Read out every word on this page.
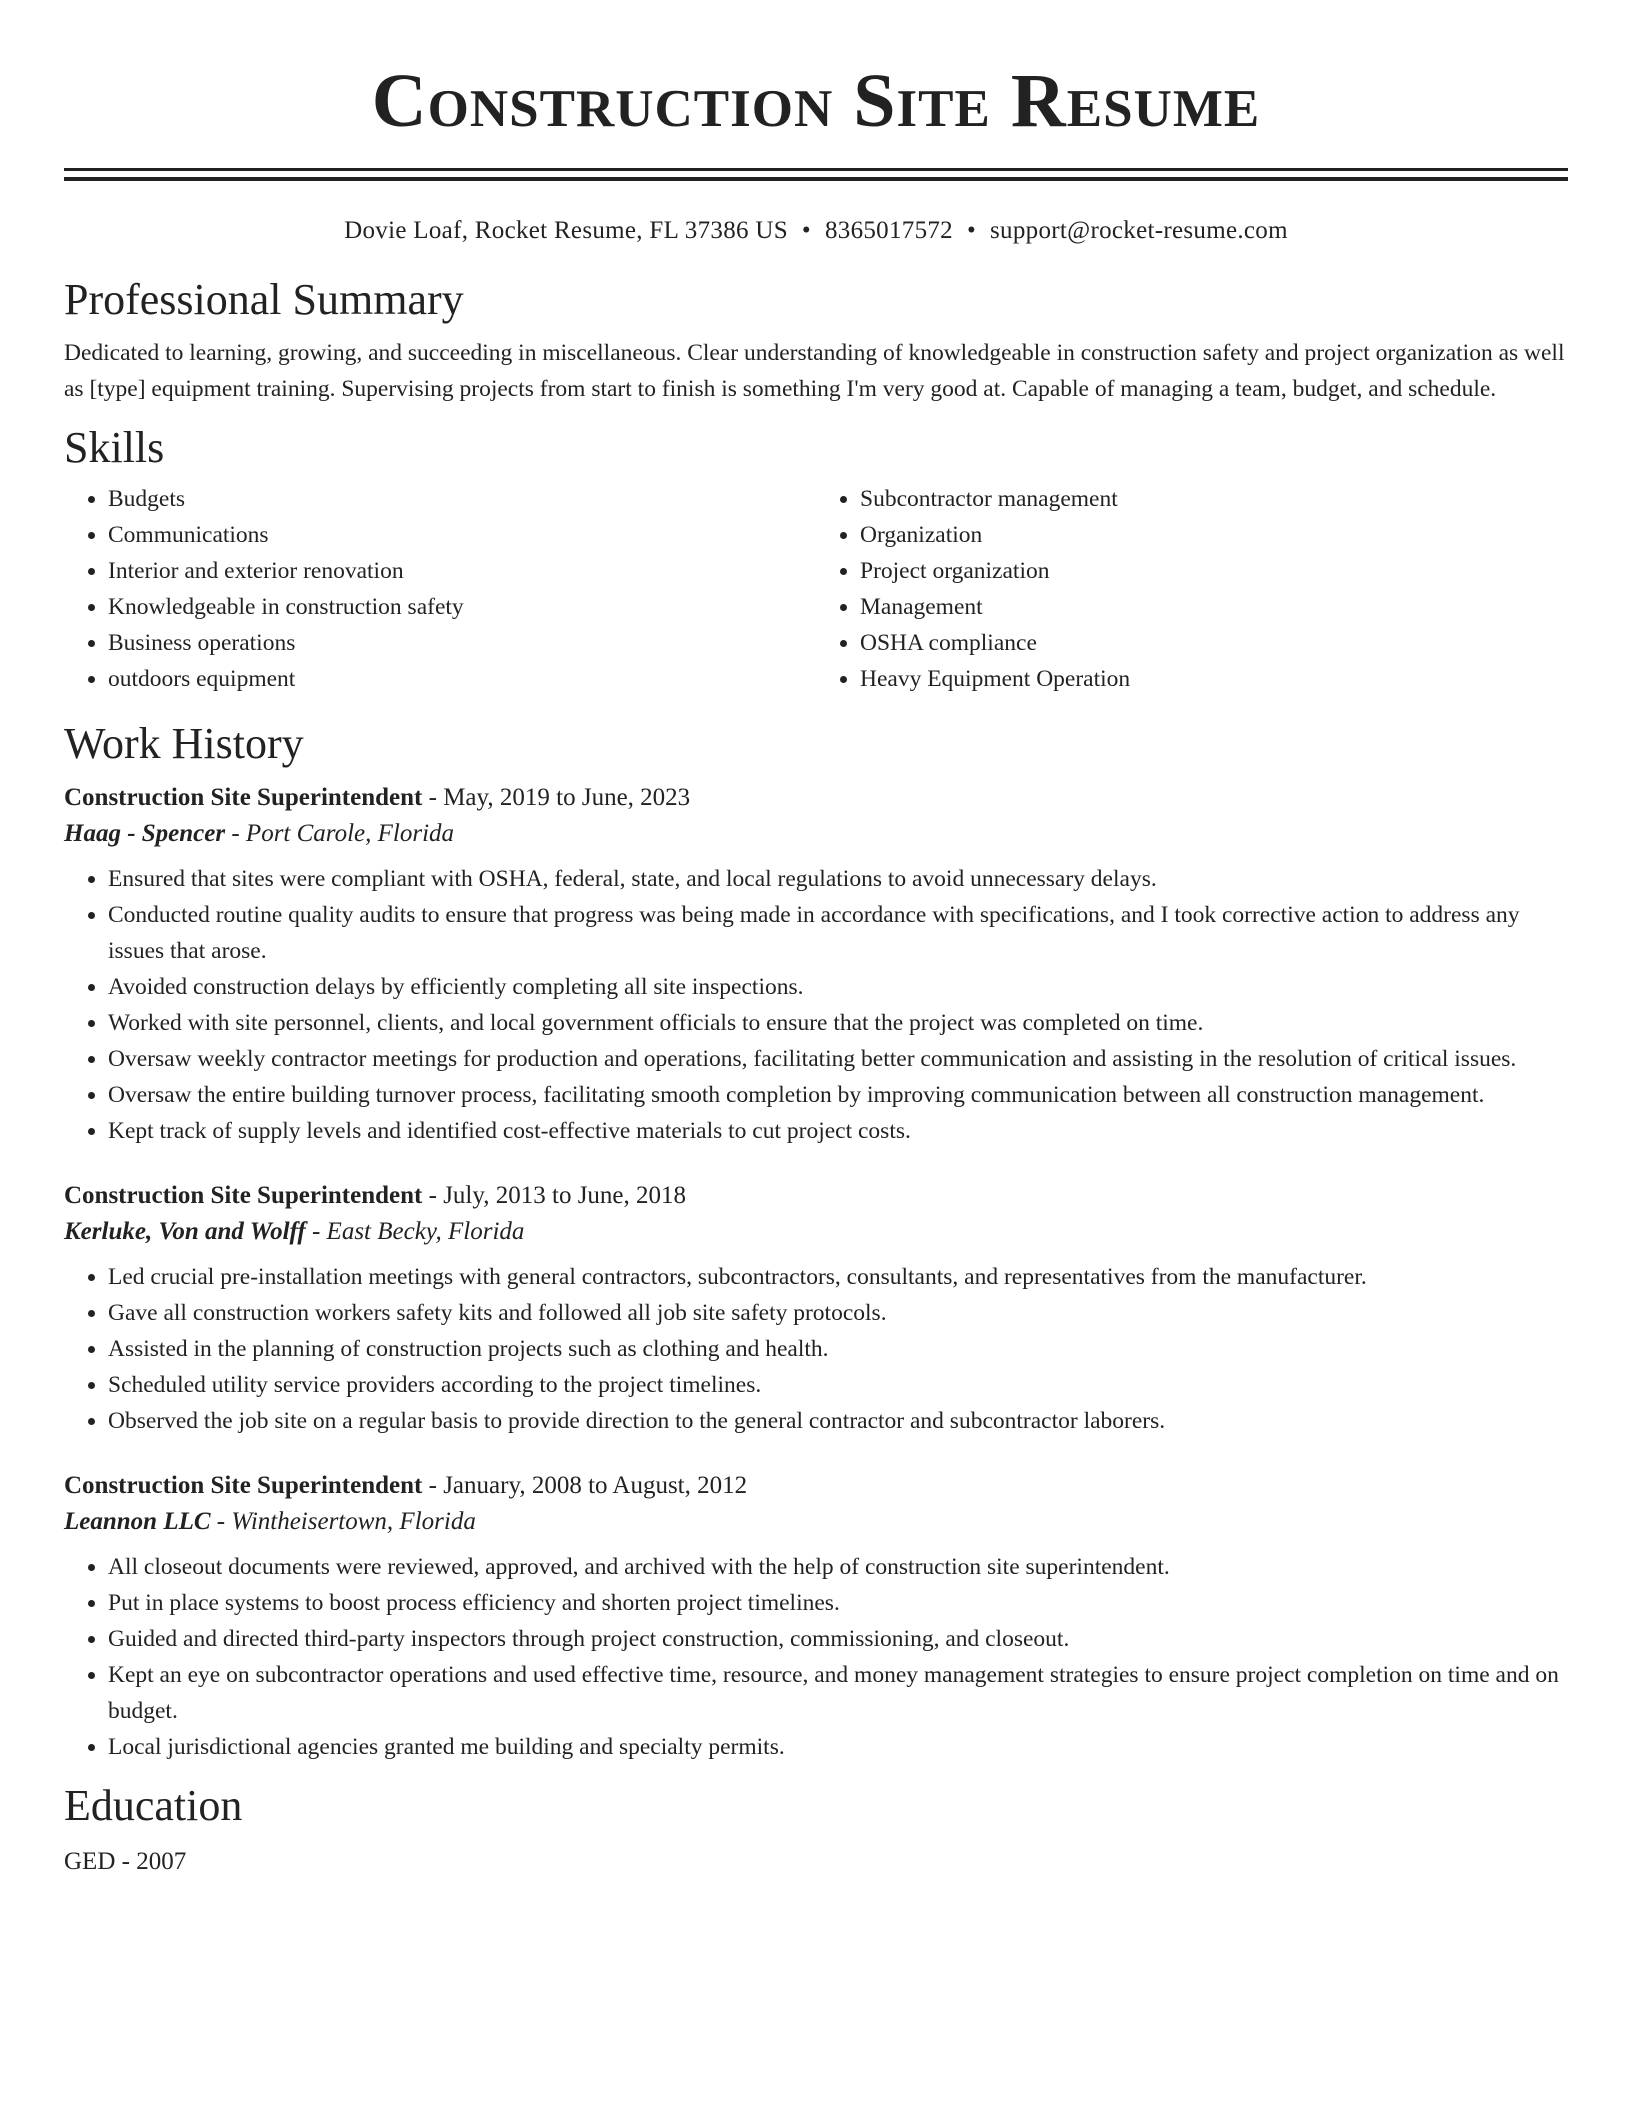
Construction Site Resume
Dovie Loaf, Rocket Resume, FL 37386 US • 8365017572 • support@rocket-resume.com
Professional Summary

Dedicated to learning, growing, and succeeding in miscellaneous. Clear understanding of knowledgeable in construction safety and project organization as well as [type] equipment training. Supervising projects from start to finish is something I'm very good at. Capable of managing a team, budget, and schedule.

Skills
• Budgets
• Communications
• Interior and exterior renovation
• Knowledgeable in construction safety
• Business operations
• outdoors equipment
• Subcontractor management
• Organization
• Project organization
• Management
• OSHA compliance
• Heavy Equipment Operation
Work History

Construction Site Superintendent - May, 2019 to June, 2023

Haag - Spencer - Port Carole, Florida

• Ensured that sites were compliant with OSHA, federal, state, and local regulations to avoid unnecessary delays.
• Conducted routine quality audits to ensure that progress was being made in accordance with specifications, and I took corrective action to address any issues that arose.
• Avoided construction delays by efficiently completing all site inspections.
• Worked with site personnel, clients, and local government officials to ensure that the project was completed on time.
• Oversaw weekly contractor meetings for production and operations, facilitating better communication and assisting in the resolution of critical issues.
• Oversaw the entire building turnover process, facilitating smooth completion by improving communication between all construction management.
• Kept track of supply levels and identified cost-effective materials to cut project costs.

Construction Site Superintendent - July, 2013 to June, 2018

Kerluke, Von and Wolff - East Becky, Florida

• Led crucial pre-installation meetings with general contractors, subcontractors, consultants, and representatives from the manufacturer.
• Gave all construction workers safety kits and followed all job site safety protocols.
• Assisted in the planning of construction projects such as clothing and health.
• Scheduled utility service providers according to the project timelines.
• Observed the job site on a regular basis to provide direction to the general contractor and subcontractor laborers.

Construction Site Superintendent - January, 2008 to August, 2012

Leannon LLC - Wintheisertown, Florida

• All closeout documents were reviewed, approved, and archived with the help of construction site superintendent.
• Put in place systems to boost process efficiency and shorten project timelines.
• Guided and directed third-party inspectors through project construction, commissioning, and closeout.
• Kept an eye on subcontractor operations and used effective time, resource, and money management strategies to ensure project completion on time and on budget.
• Local jurisdictional agencies granted me building and specialty permits.
Education

GED - 2007
